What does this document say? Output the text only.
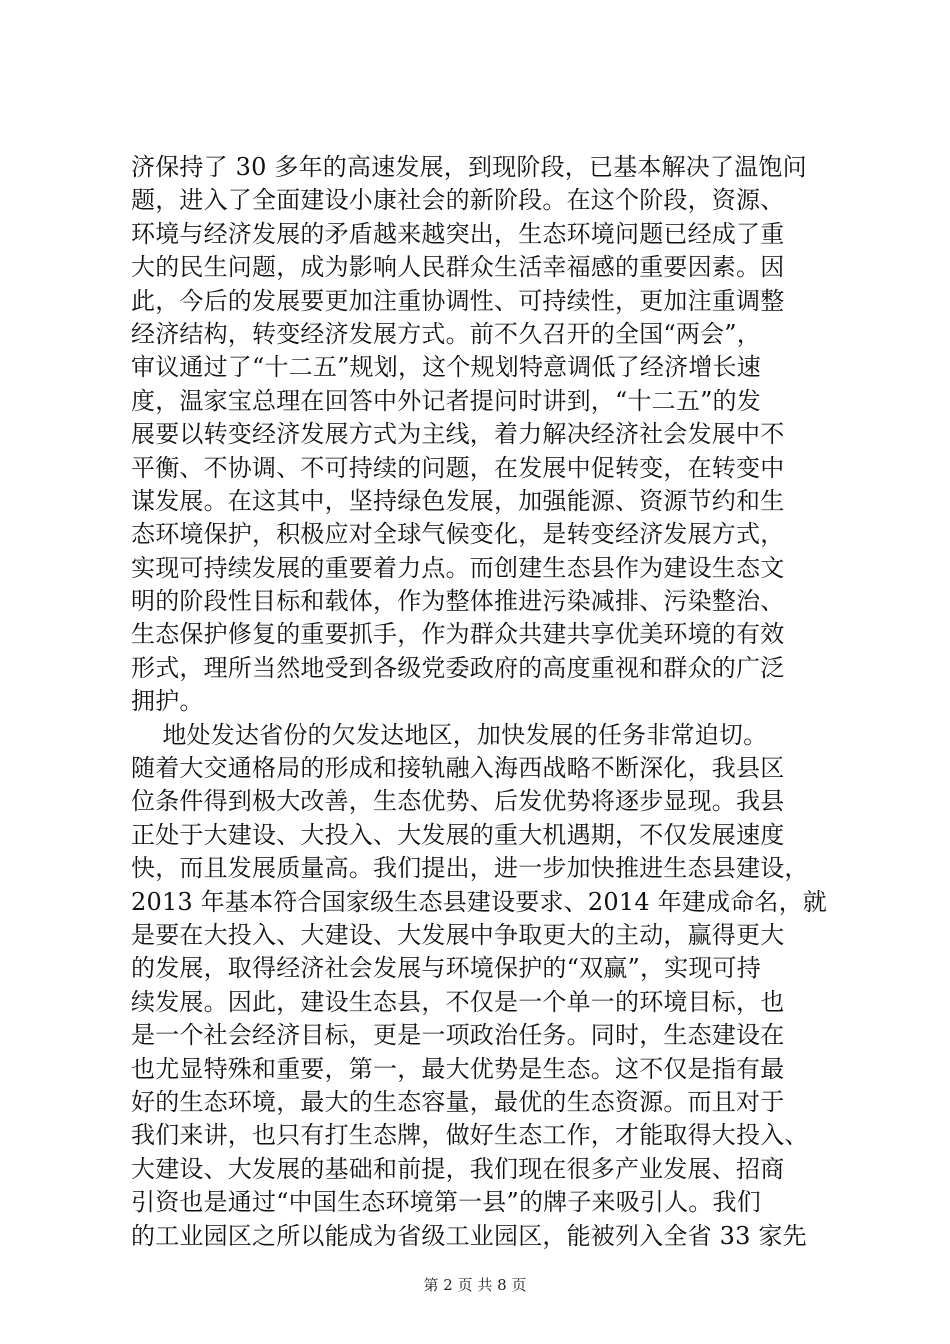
济保持了 30 多年的高速发展，到现阶段，已基本解决了温饱问
题，进入了全面建设小康社会的新阶段。在这个阶段，资源、
环境与经济发展的矛盾越来越突出，生态环境问题已经成了重
大的民生问题，成为影响人民群众生活幸福感的重要因素。因
此，今后的发展要更加注重协调性、可持续性，更加注重调整
经济结构，转变经济发展方式。前不久召开的全国“两会”，
审议通过了“十二五”规划，这个规划特意调低了经济增长速
度，温家宝总理在回答中外记者提问时讲到，“十二五”的发
展要以转变经济发展方式为主线，着力解决经济社会发展中不
平衡、不协调、不可持续的问题，在发展中促转变，在转变中
谋发展。在这其中，坚持绿色发展，加强能源、资源节约和生
态环境保护，积极应对全球气候变化，是转变经济发展方式，
实现可持续发展的重要着力点。而创建生态县作为建设生态文
明的阶段性目标和载体，作为整体推进污染减排、污染整治、
生态保护修复的重要抓手，作为群众共建共享优美环境的有效
形式，理所当然地受到各级党委政府的高度重视和群众的广泛
拥护。
地处发达省份的欠发达地区，加快发展的任务非常迫切。
随着大交通格局的形成和接轨融入海西战略不断深化，我县区
位条件得到极大改善，生态优势、后发优势将逐步显现。我县
正处于大建设、大投入、大发展的重大机遇期，不仅发展速度
快，而且发展质量高。我们提出，进一步加快推进生态县建设，
2013 年基本符合国家级生态县建设要求、2014 年建成命名，就
是要在大投入、大建设、大发展中争取更大的主动，赢得更大
的发展，取得经济社会发展与环境保护的“双赢”，实现可持
续发展。因此，建设生态县，不仅是一个单一的环境目标，也
是一个社会经济目标，更是一项政治任务。同时，生态建设在
也尤显特殊和重要，第一，最大优势是生态。这不仅是指有最
好的生态环境，最大的生态容量，最优的生态资源。而且对于
我们来讲，也只有打生态牌，做好生态工作，才能取得大投入、
大建设、大发展的基础和前提，我们现在很多产业发展、招商
引资也是通过“中国生态环境第一县”的牌子来吸引人。我们
的工业园区之所以能成为省级工业园区，能被列入全省 33 家先
第 2 页 共 8 页
